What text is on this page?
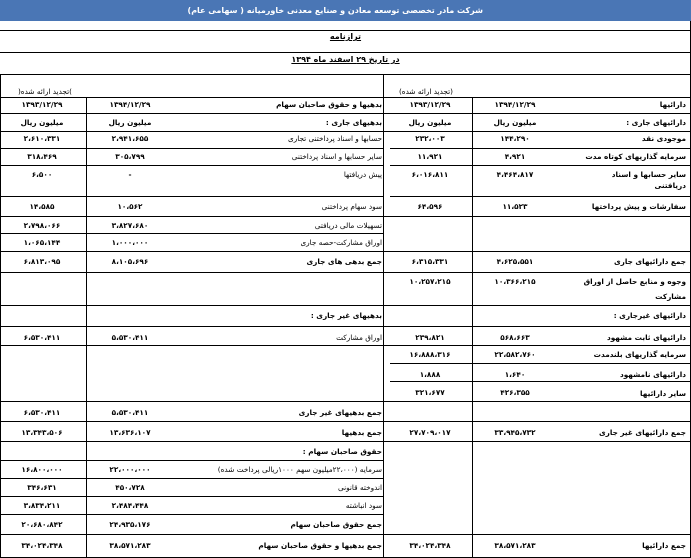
شرکت مادر تخصصی توسعه معادن و صنایع معدنی خاورمیانه ( سهامی عام)
ترازنامه
در تاریخ ۲۹ اسفند ماه ۱۳۹۴
(تجدید ارائه شده)
)تجدید ارائه شده(
دارائیها
۱۳۹۴/۱۲/۲۹
۱۳۹۳/۱۲/۲۹
بدهیها و حقوق صاحبان سهام
۱۳۹۴/۱۲/۲۹
۱۳۹۳/۱۲/۲۹
میلیون ریال
میلیون ریال	دارائیهای جاری :
میلیون ریال
میلیون ریال	بدهیهای جاری :
موجودی نقد
۱۴۴،۲۹۰
۲۳۲،۰۰۳
سرمایه گذاریهای کوتاه مدت
۴،۹۲۱
۱۱،۹۲۱
سایر حسابها و اسناد
دریافتنی
۴،۴۶۴،۸۱۷
۶،۰۱۶،۸۱۱
سفارشات و پیش پرداختها
۱۱،۵۲۳
۶۴،۵۹۶
حسابها و اسناد پرداختنی تجاری
۲،۹۴۱،۶۵۵
۲،۶۱۰،۳۳۱
سایر حسابها و اسناد پرداختنی
۳۰۵،۷۹۹
۳۱۸،۴۶۹
پیش دریافتها
-
۶،۵۰۰
سود سهام پرداختنی
۱۰،۵۶۲
۱۴،۵۸۵
تسهیلات مالی دریافتی
۳،۸۲۷،۶۸۰
۲،۷۹۸،۰۶۶
اوراق مشارکت-حصه جاری
۱،۰۰۰،۰۰۰
۱،۰۶۵،۱۴۴
جمع دارائیهای جاری
۴،۶۲۵،۵۵۱
۶،۳۱۵،۳۳۱
جمع بدهی های جاری
۸،۱۰۵،۶۹۶
۶،۸۱۳،۰۹۵
وجوه و منابع حاصل از اوراق
مشارکت
۱۰،۳۶۶،۲۱۵
۱۰،۲۵۷،۲۱۵
دارائیهای غیرجاری :
بدهیهای غیر جاری :
دارائیهای ثابت مشهود
۵۶۸،۶۶۳
۲۳۹،۸۲۱
اوراق مشارکت
۵،۵۳۰،۴۱۱
۶،۵۳۰،۴۱۱
سرمایه گذاریهای بلندمدت
۲۲،۵۸۲،۷۶۰
۱۶،۸۸۸،۳۱۶
دارائیهای نامشهود
۱،۶۴۰
۱،۸۸۸
سایر دارائیها
۴۲۶،۳۵۵
۳۲۱،۶۷۷
جمع بدهیهای غیر جاری
۵،۵۳۰،۴۱۱
۶،۵۳۰،۴۱۱
جمع دارائیهای غیر جاری
۳۳،۹۴۵،۷۳۲
۲۷،۷۰۹،۰۱۷
جمع بدهیها
۱۳،۶۳۶،۱۰۷
۱۳،۳۴۳،۵۰۶
حقوق صاحبان سهام :
سرمایه (۲۲،۰۰۰میلیون سهم ۱۰۰۰ریالی پرداخت شده)
۲۲،۰۰۰،۰۰۰
۱۶،۸۰۰،۰۰۰
اندوخته قانونی
۴۵۰،۷۲۸
۳۴۶،۶۳۱
سود انباشته
۲،۴۸۴،۴۴۸
۳،۸۳۴،۲۱۱
جمع حقوق صاحبان سهام
۲۴،۹۳۵،۱۷۶
۲۰،۶۸۰،۸۴۲
جمع دارائیها
۳۸،۵۷۱،۲۸۳
۳۴،۰۲۴،۳۴۸
جمع بدهیها و حقوق صاحبان سهام
۳۸،۵۷۱،۲۸۳
۳۴،۰۲۴،۳۴۸
